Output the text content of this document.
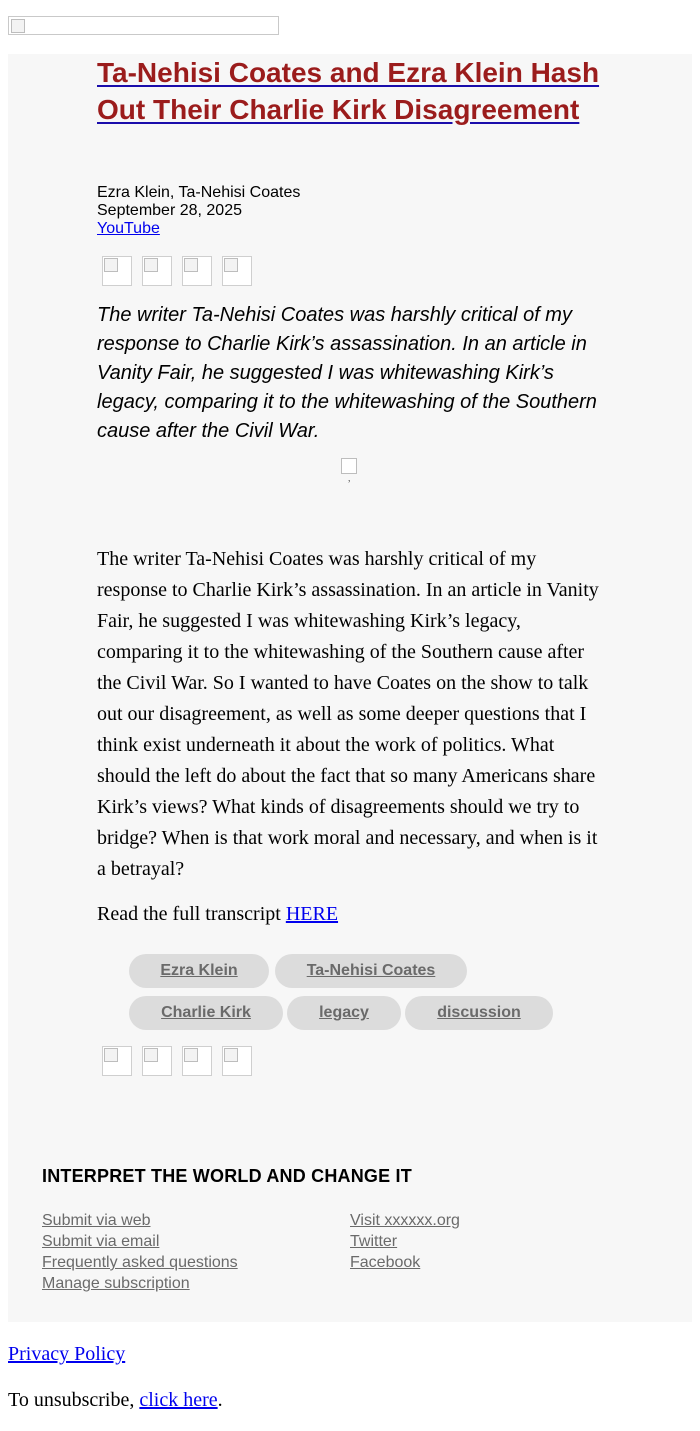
Ta-Nehisi Coates and Ezra Klein Hash Out Their Charlie Kirk Disagreement
Ezra Klein, Ta-Nehisi Coates
September 28, 2025
YouTube
The writer Ta-Nehisi Coates was harshly critical of my response to Charlie Kirk’s assassination. In an article in Vanity Fair, he suggested I was whitewashing Kirk’s legacy, comparing it to the whitewashing of the Southern cause after the Civil War.
,
The writer Ta-Nehisi Coates was harshly critical of my response to Charlie Kirk’s assassination. In an article in Vanity Fair, he suggested I was whitewashing Kirk’s legacy, comparing it to the whitewashing of the Southern cause after the Civil War. So I wanted to have Coates on the show to talk out our disagreement, as well as some deeper questions that I think exist underneath it about the work of politics. What should the left do about the fact that so many Americans share Kirk’s views? What kinds of disagreements should we try to bridge? When is that work moral and necessary, and when is it a betrayal?
Read the full transcript HERE
Ezra Klein	Ta-Nehisi Coates
Charlie Kirk	legacy	discussion
INTERPRET THE WORLD AND CHANGE IT
Submit via web
Submit via email
Frequently asked questions
Manage subscription
Visit xxxxxx.org
Twitter
Facebook
Privacy Policy
To unsubscribe, click here.
